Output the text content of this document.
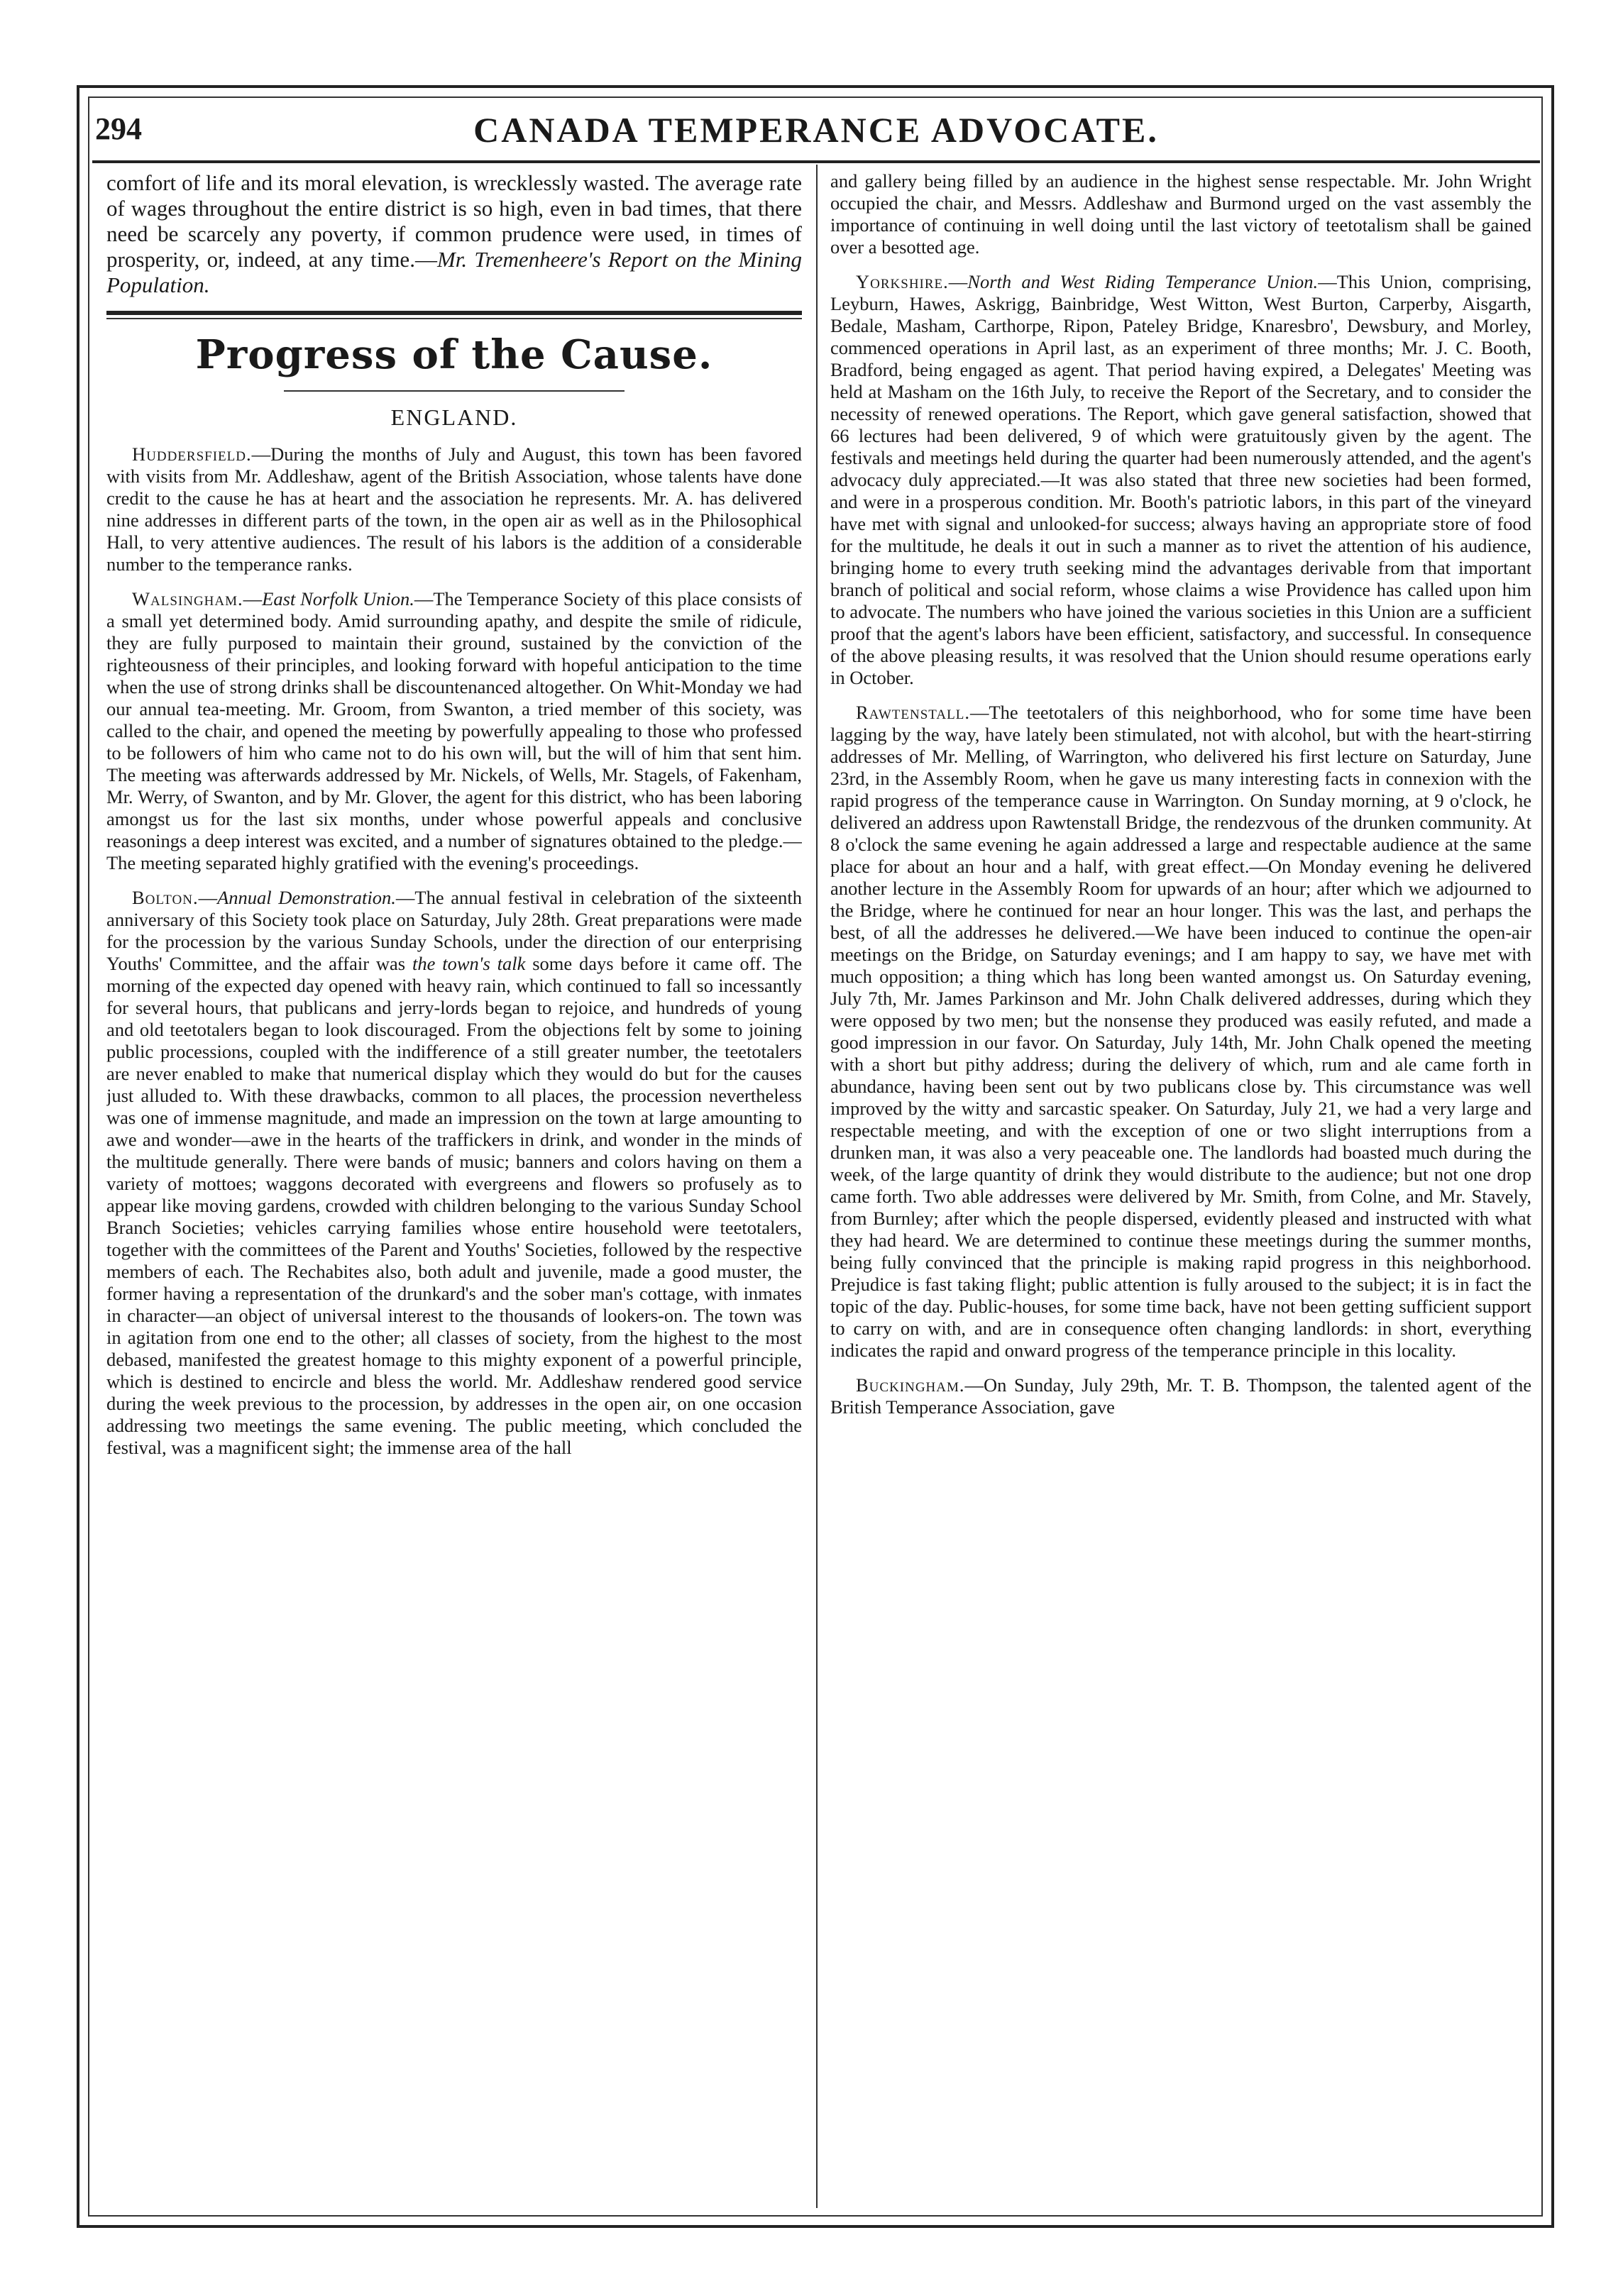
294	CANADA TEMPERANCE ADVOCATE.

comfort of life and its moral elevation, is wrecklessly wasted. The average rate of wages throughout the entire district is so high, even in bad times, that there need be scarcely any poverty, if common prudence were used, in times of prosperity, or, indeed, at any time.—Mr. Tremenheere's Report on the Mining Population.

Progress of the Cause.
ENGLAND.

Huddersfield.—During the months of July and August, this town has been favored with visits from Mr. Addleshaw, agent of the British Association, whose talents have done credit to the cause he has at heart and the association he represents. Mr. A. has delivered nine addresses in different parts of the town, in the open air as well as in the Philosophical Hall, to very attentive audiences. The result of his labors is the addition of a considerable number to the temperance ranks.

Walsingham.—East Norfolk Union.—The Temperance Society of this place consists of a small yet determined body. Amid surrounding apathy, and despite the smile of ridicule, they are fully purposed to maintain their ground, sustained by the conviction of the righteousness of their principles, and looking forward with hopeful anticipation to the time when the use of strong drinks shall be discountenanced altogether. On Whit-Monday we had our annual tea-meeting. Mr. Groom, from Swanton, a tried member of this society, was called to the chair, and opened the meeting by powerfully appealing to those who professed to be followers of him who came not to do his own will, but the will of him that sent him. The meeting was afterwards addressed by Mr. Nickels, of Wells, Mr. Stagels, of Fakenham, Mr. Werry, of Swanton, and by Mr. Glover, the agent for this district, who has been laboring amongst us for the last six months, under whose powerful appeals and conclusive reasonings a deep interest was excited, and a number of signatures obtained to the pledge.—The meeting separated highly gratified with the evening's proceedings.

Bolton.—Annual Demonstration.—The annual festival in celebration of the sixteenth anniversary of this Society took place on Saturday, July 28th. Great preparations were made for the procession by the various Sunday Schools, under the direction of our enterprising Youths' Committee, and the affair was the town's talk some days before it came off. The morning of the expected day opened with heavy rain, which continued to fall so incessantly for several hours, that publicans and jerry-lords began to rejoice, and hundreds of young and old teetotalers began to look discouraged. From the objections felt by some to joining public processions, coupled with the indifference of a still greater number, the teetotalers are never enabled to make that numerical display which they would do but for the causes just alluded to. With these drawbacks, common to all places, the procession nevertheless was one of immense magnitude, and made an impression on the town at large amounting to awe and wonder—awe in the hearts of the traffickers in drink, and wonder in the minds of the multitude generally. There were bands of music; banners and colors having on them a variety of mottoes; waggons decorated with evergreens and flowers so profusely as to appear like moving gardens, crowded with children belonging to the various Sunday School Branch Societies; vehicles carrying families whose entire household were teetotalers, together with the committees of the Parent and Youths' Societies, followed by the respective members of each. The Rechabites also, both adult and juvenile, made a good muster, the former having a representation of the drunkard's and the sober man's cottage, with inmates in character—an object of universal interest to the thousands of lookers-on. The town was in agitation from one end to the other; all classes of society, from the highest to the most debased, manifested the greatest homage to this mighty exponent of a powerful principle, which is destined to encircle and bless the world. Mr. Addleshaw rendered good service during the week previous to the procession, by addresses in the open air, on one occasion addressing two meetings the same evening. The public meeting, which concluded the festival, was a magnificent sight; the immense area of the hall

and gallery being filled by an audience in the highest sense respectable. Mr. John Wright occupied the chair, and Messrs. Addleshaw and Burmond urged on the vast assembly the importance of continuing in well doing until the last victory of teetotalism shall be gained over a besotted age.

Yorkshire.—North and West Riding Temperance Union.—This Union, comprising, Leyburn, Hawes, Askrigg, Bainbridge, West Witton, West Burton, Carperby, Aisgarth, Bedale, Masham, Carthorpe, Ripon, Pateley Bridge, Knaresbro', Dewsbury, and Morley, commenced operations in April last, as an experiment of three months; Mr. J. C. Booth, Bradford, being engaged as agent. That period having expired, a Delegates' Meeting was held at Masham on the 16th July, to receive the Report of the Secretary, and to consider the necessity of renewed operations. The Report, which gave general satisfaction, showed that 66 lectures had been delivered, 9 of which were gratuitously given by the agent. The festivals and meetings held during the quarter had been numerously attended, and the agent's advocacy duly appreciated.—It was also stated that three new societies had been formed, and were in a prosperous condition. Mr. Booth's patriotic labors, in this part of the vineyard have met with signal and unlooked-for success; always having an appropriate store of food for the multitude, he deals it out in such a manner as to rivet the attention of his audience, bringing home to every truth seeking mind the advantages derivable from that important branch of political and social reform, whose claims a wise Providence has called upon him to advocate. The numbers who have joined the various societies in this Union are a sufficient proof that the agent's labors have been efficient, satisfactory, and successful. In consequence of the above pleasing results, it was resolved that the Union should resume operations early in October.

Rawtenstall.—The teetotalers of this neighborhood, who for some time have been lagging by the way, have lately been stimulated, not with alcohol, but with the heart-stirring addresses of Mr. Melling, of Warrington, who delivered his first lecture on Saturday, June 23rd, in the Assembly Room, when he gave us many interesting facts in connexion with the rapid progress of the temperance cause in Warrington. On Sunday morning, at 9 o'clock, he delivered an address upon Rawtenstall Bridge, the rendezvous of the drunken community. At 8 o'clock the same evening he again addressed a large and respectable audience at the same place for about an hour and a half, with great effect.—On Monday evening he delivered another lecture in the Assembly Room for upwards of an hour; after which we adjourned to the Bridge, where he continued for near an hour longer. This was the last, and perhaps the best, of all the addresses he delivered.—We have been induced to continue the open-air meetings on the Bridge, on Saturday evenings; and I am happy to say, we have met with much opposition; a thing which has long been wanted amongst us. On Saturday evening, July 7th, Mr. James Parkinson and Mr. John Chalk delivered addresses, during which they were opposed by two men; but the nonsense they produced was easily refuted, and made a good impression in our favor. On Saturday, July 14th, Mr. John Chalk opened the meeting with a short but pithy address; during the delivery of which, rum and ale came forth in abundance, having been sent out by two publicans close by. This circumstance was well improved by the witty and sarcastic speaker. On Saturday, July 21, we had a very large and respectable meeting, and with the exception of one or two slight interruptions from a drunken man, it was also a very peaceable one. The landlords had boasted much during the week, of the large quantity of drink they would distribute to the audience; but not one drop came forth. Two able addresses were delivered by Mr. Smith, from Colne, and Mr. Stavely, from Burnley; after which the people dispersed, evidently pleased and instructed with what they had heard. We are determined to continue these meetings during the summer months, being fully convinced that the principle is making rapid progress in this neighborhood. Prejudice is fast taking flight; public attention is fully aroused to the subject; it is in fact the topic of the day. Public-houses, for some time back, have not been getting sufficient support to carry on with, and are in consequence often changing landlords: in short, everything indicates the rapid and onward progress of the temperance principle in this locality.

Buckingham.—On Sunday, July 29th, Mr. T. B. Thompson, the talented agent of the British Temperance Association, gave
